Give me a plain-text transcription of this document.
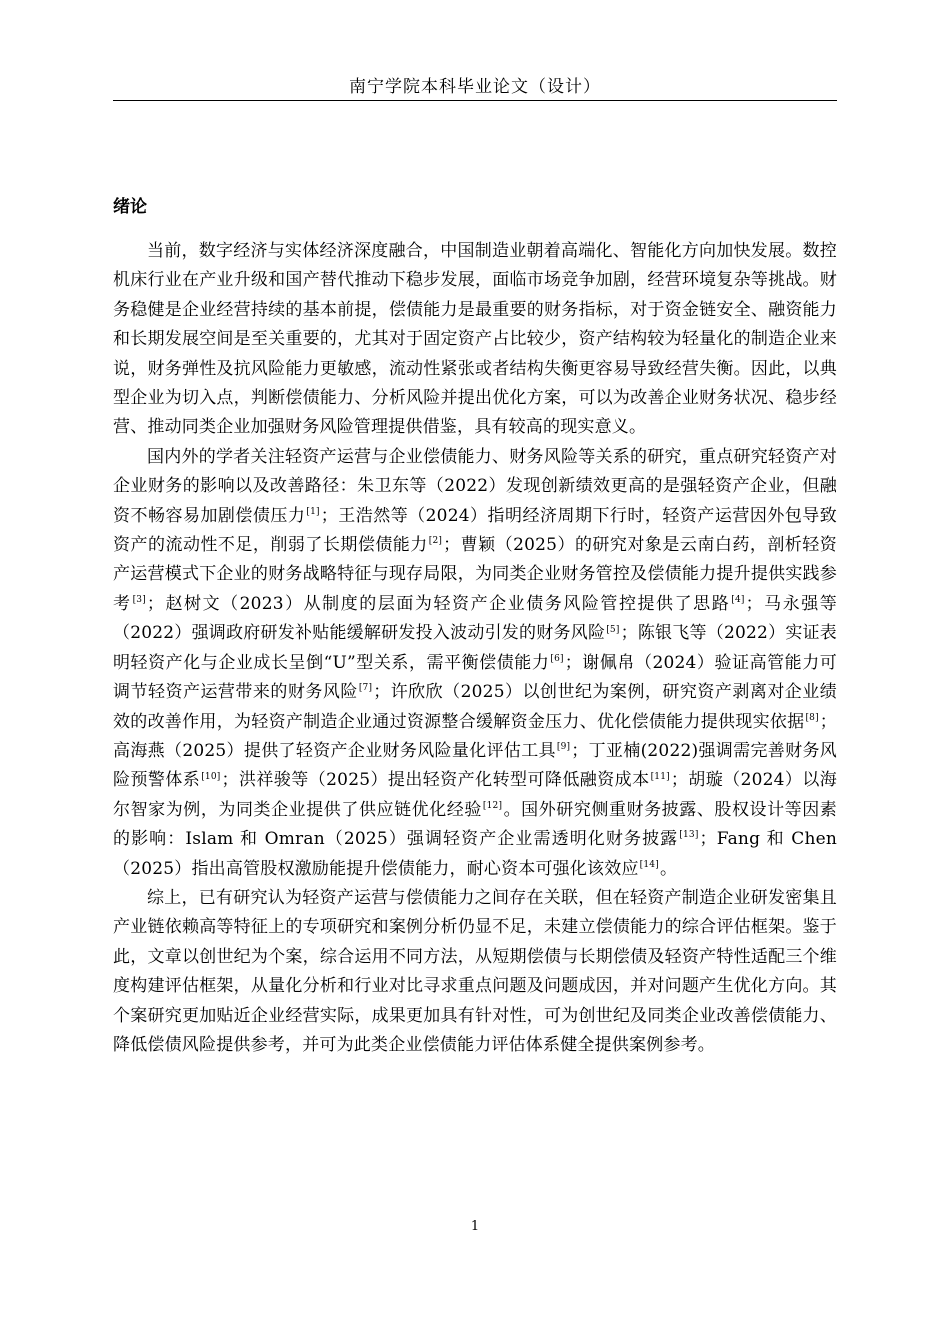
南宁学院本科毕业论文（设计）
绪论

当前，数字经济与实体经济深度融合，中国制造业朝着高端化、智能化方向加快发展。数控机床行业在产业升级和国产替代推动下稳步发展，面临市场竞争加剧，经营环境复杂等挑战。财务稳健是企业经营持续的基本前提，偿债能力是最重要的财务指标，对于资金链安全、融资能力和长期发展空间是至关重要的，尤其对于固定资产占比较少，资产结构较为轻量化的制造企业来说，财务弹性及抗风险能力更敏感，流动性紧张或者结构失衡更容易导致经营失衡。因此，以典型企业为切入点，判断偿债能力、分析风险并提出优化方案，可以为改善企业财务状况、稳步经营、推动同类企业加强财务风险管理提供借鉴，具有较高的现实意义。

国内外的学者关注轻资产运营与企业偿债能力、财务风险等关系的研究，重点研究轻资产对企业财务的影响以及改善路径：朱卫东等（2022）发现创新绩效更高的是强轻资产企业，但融资不畅容易加剧偿债压力[1]；王浩然等（2024）指明经济周期下行时，轻资产运营因外包导致资产的流动性不足，削弱了长期偿债能力[2]；曹颖（2025）的研究对象是云南白药，剖析轻资产运营模式下企业的财务战略特征与现存局限，为同类企业财务管控及偿债能力提升提供实践参考[3]；赵树文（2023）从制度的层面为轻资产企业债务风险管控提供了思路[4]；马永强等（2022）强调政府研发补贴能缓解研发投入波动引发的财务风险[5]；陈银飞等（2022）实证表明轻资产化与企业成长呈倒“U”型关系，需平衡偿债能力[6]；谢佩帛（2024）验证高管能力可调节轻资产运营带来的财务风险[7]；许欣欣（2025）以创世纪为案例，研究资产剥离对企业绩效的改善作用，为轻资产制造企业通过资源整合缓解资金压力、优化偿债能力提供现实依据[8]；高海燕（2025）提供了轻资产企业财务风险量化评估工具[9]；丁亚楠(2022)强调需完善财务风险预警体系[10]；洪祥骏等（2025）提出轻资产化转型可降低融资成本[11]；胡璇（2024）以海尔智家为例，为同类企业提供了供应链优化经验[12]。国外研究侧重财务披露、股权设计等因素的影响：Islam 和 Omran（2025）强调轻资产企业需透明化财务披露[13]；Fang 和 Chen（2025）指出高管股权激励能提升偿债能力，耐心资本可强化该效应[14]。

综上，已有研究认为轻资产运营与偿债能力之间存在关联，但在轻资产制造企业研发密集且产业链依赖高等特征上的专项研究和案例分析仍显不足，未建立偿债能力的综合评估框架。鉴于此，文章以创世纪为个案，综合运用不同方法，从短期偿债与长期偿债及轻资产特性适配三个维度构建评估框架，从量化分析和行业对比寻求重点问题及问题成因，并对问题产生优化方向。其个案研究更加贴近企业经营实际，成果更加具有针对性，可为创世纪及同类企业改善偿债能力、降低偿债风险提供参考，并可为此类企业偿债能力评估体系健全提供案例参考。

1
